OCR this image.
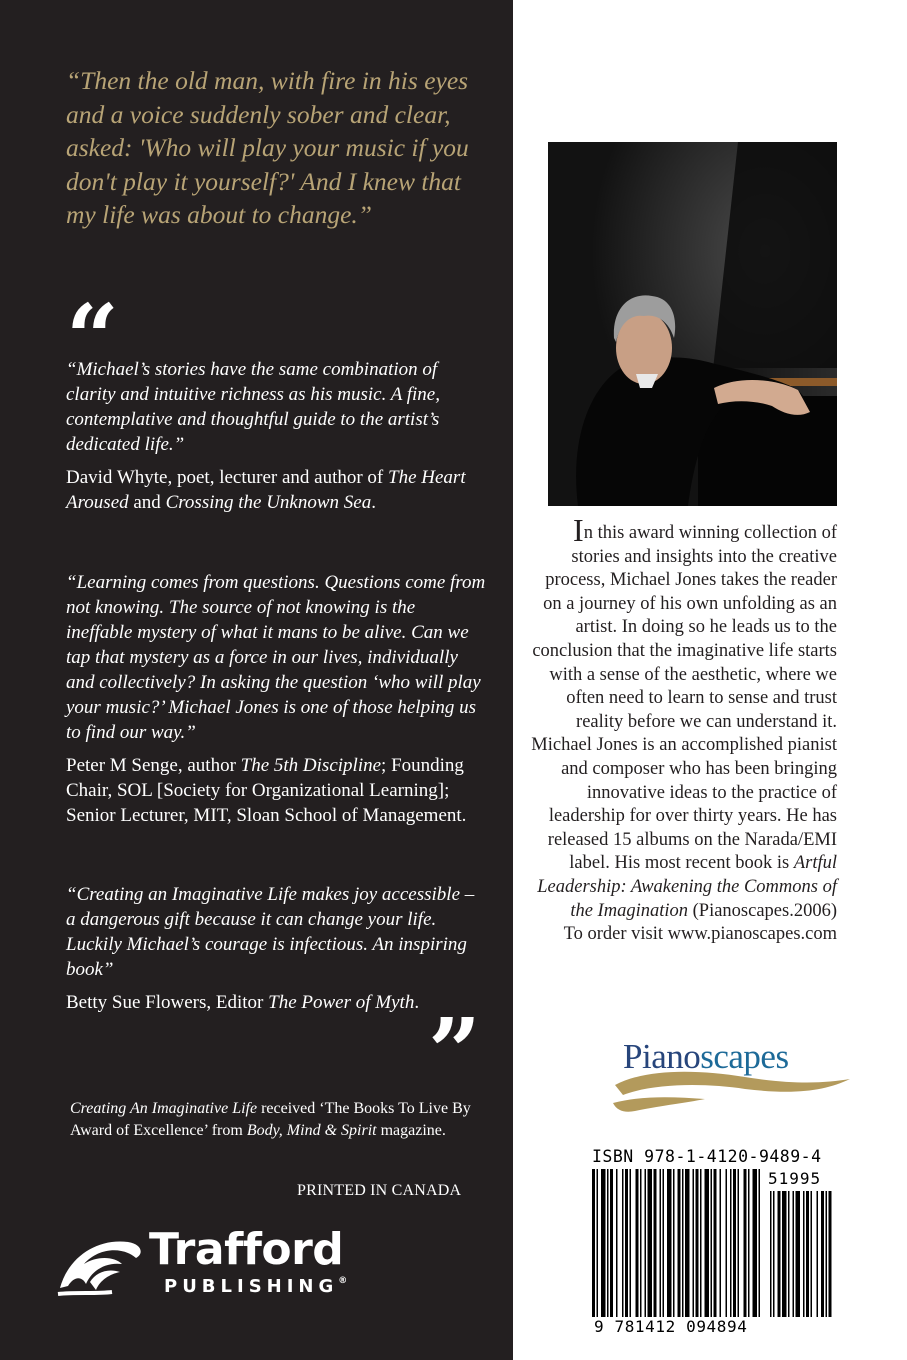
“Then the old man, with fire in his eyes and a voice suddenly sober and clear, asked: 'Who will play your music if you don't play it yourself?' And I knew that my life was about to change.”
“

“Michael’s stories have the same combination of clarity and intuitive richness as his music. A fine, contemplative and thoughtful guide to the artist’s dedicated life.”

David Whyte, poet, lecturer and author of The Heart Aroused and Crossing the Unknown Sea.

“Learning comes from questions. Questions come from not knowing. The source of not knowing is the ineffable mystery of what it mans to be alive. Can we tap that mystery as a force in our lives, individually and collectively? In asking the question ‘who will play your music?’ Michael Jones is one of those helping us to find our way.”

Peter M Senge, author The 5th Discipline; Founding Chair, SOL [Society for Organizational Learning]; Senior Lecturer, MIT, Sloan School of Management.

“Creating an Imaginative Life makes joy accessible – a dangerous gift because it can change your life. Luckily Michael’s courage is infectious. An inspiring book”

Betty Sue Flowers, Editor The Power of Myth. ”
Creating An Imaginative Life received ‘The Books To Live By Award of Excellence’ from Body, Mind & Spirit magazine.
PRINTED IN CANADA
Trafford
PUBLISHING®
In this award winning collection of stories and insights into the creative process, Michael Jones takes the reader on a journey of his own unfolding as an artist. In doing so he leads us to the conclusion that the imaginative life starts with a sense of the aesthetic, where we often need to learn to sense and trust reality before we can understand it. Michael Jones is an accomplished pianist and composer who has been bringing innovative ideas to the practice of leadership for over thirty years. He has released 15 albums on the Narada/EMI label. His most recent book is Artful Leadership: Awakening the Commons of the Imagination (Pianoscapes.2006)
To order visit www.pianoscapes.com
Pianoscapes
ISBN 978-1-4120-9489-4
51995
9 781412 094894
